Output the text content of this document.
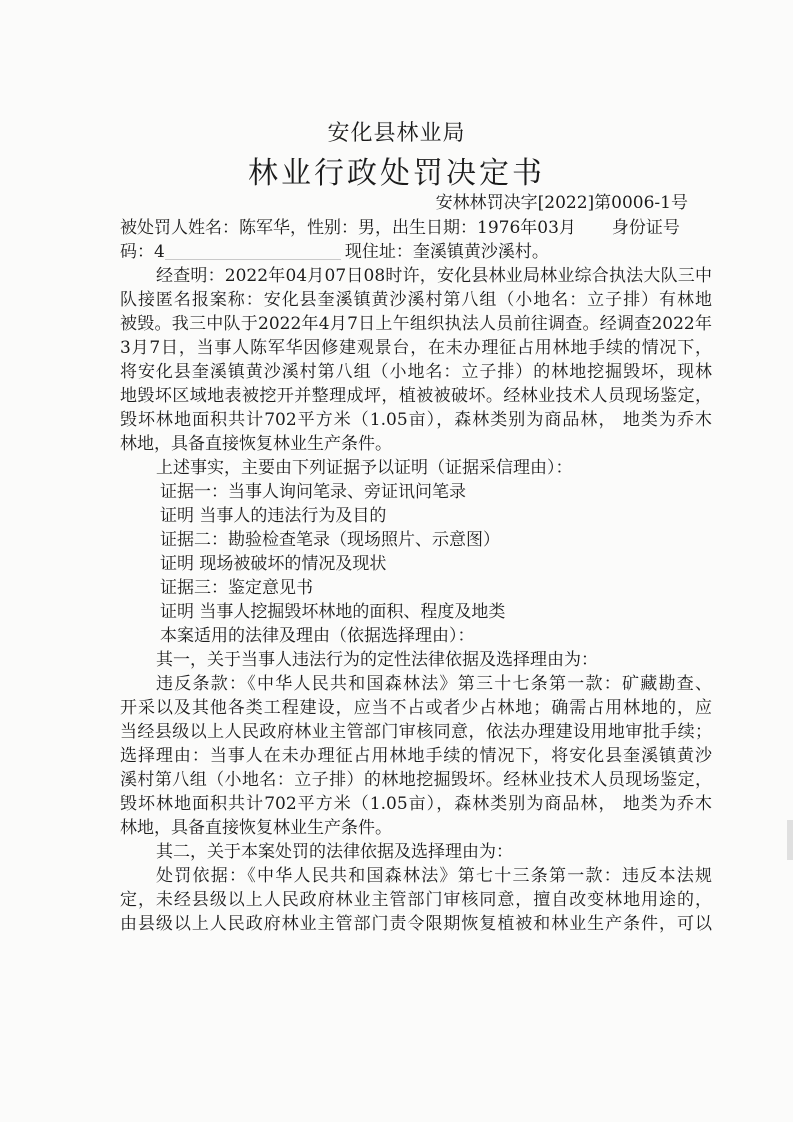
安化县林业局
林业行政处罚决定书
安林林罚决字[2022]第0006-1号
被处罚人姓名：陈军华，性别：男，出生日期：1976年03月 身份证号
码：4	现住址：奎溪镇黄沙溪村。
经查明：2022年04月07日08时许，安化县林业局林业综合执法大队三中
队接匿名报案称：安化县奎溪镇黄沙溪村第八组（小地名：立子排）有林地
被毁。我三中队于2022年4月7日上午组织执法人员前往调查。经调查2022年
3月7日，当事人陈军华因修建观景台，在未办理征占用林地手续的情况下，
将安化县奎溪镇黄沙溪村第八组（小地名：立子排）的林地挖掘毁坏，现林
地毁坏区域地表被挖开并整理成坪，植被被破坏。经林业技术人员现场鉴定，
毁坏林地面积共计702平方米（1.05亩），森林类别为商品林， 地类为乔木
林地，具备直接恢复林业生产条件。
上述事实，主要由下列证据予以证明（证据采信理由）：
证据一：当事人询问笔录、旁证讯问笔录
证明 当事人的违法行为及目的
证据二：勘验检查笔录（现场照片、示意图）
证明 现场被破坏的情况及现状
证据三：鉴定意见书
证明 当事人挖掘毁坏林地的面积、程度及地类
本案适用的法律及理由（依据选择理由）：
其一，关于当事人违法行为的定性法律依据及选择理由为：
违反条款：《中华人民共和国森林法》第三十七条第一款：矿藏勘查、
开采以及其他各类工程建设，应当不占或者少占林地；确需占用林地的，应
当经县级以上人民政府林业主管部门审核同意，依法办理建设用地审批手续；
选择理由：当事人在未办理征占用林地手续的情况下，将安化县奎溪镇黄沙
溪村第八组（小地名：立子排）的林地挖掘毁坏。经林业技术人员现场鉴定，
毁坏林地面积共计702平方米（1.05亩），森林类别为商品林， 地类为乔木
林地，具备直接恢复林业生产条件。
其二，关于本案处罚的法律依据及选择理由为：
处罚依据：《中华人民共和国森林法》第七十三条第一款：违反本法规
定，未经县级以上人民政府林业主管部门审核同意，擅自改变林地用途的，
由县级以上人民政府林业主管部门责令限期恢复植被和林业生产条件，可以
